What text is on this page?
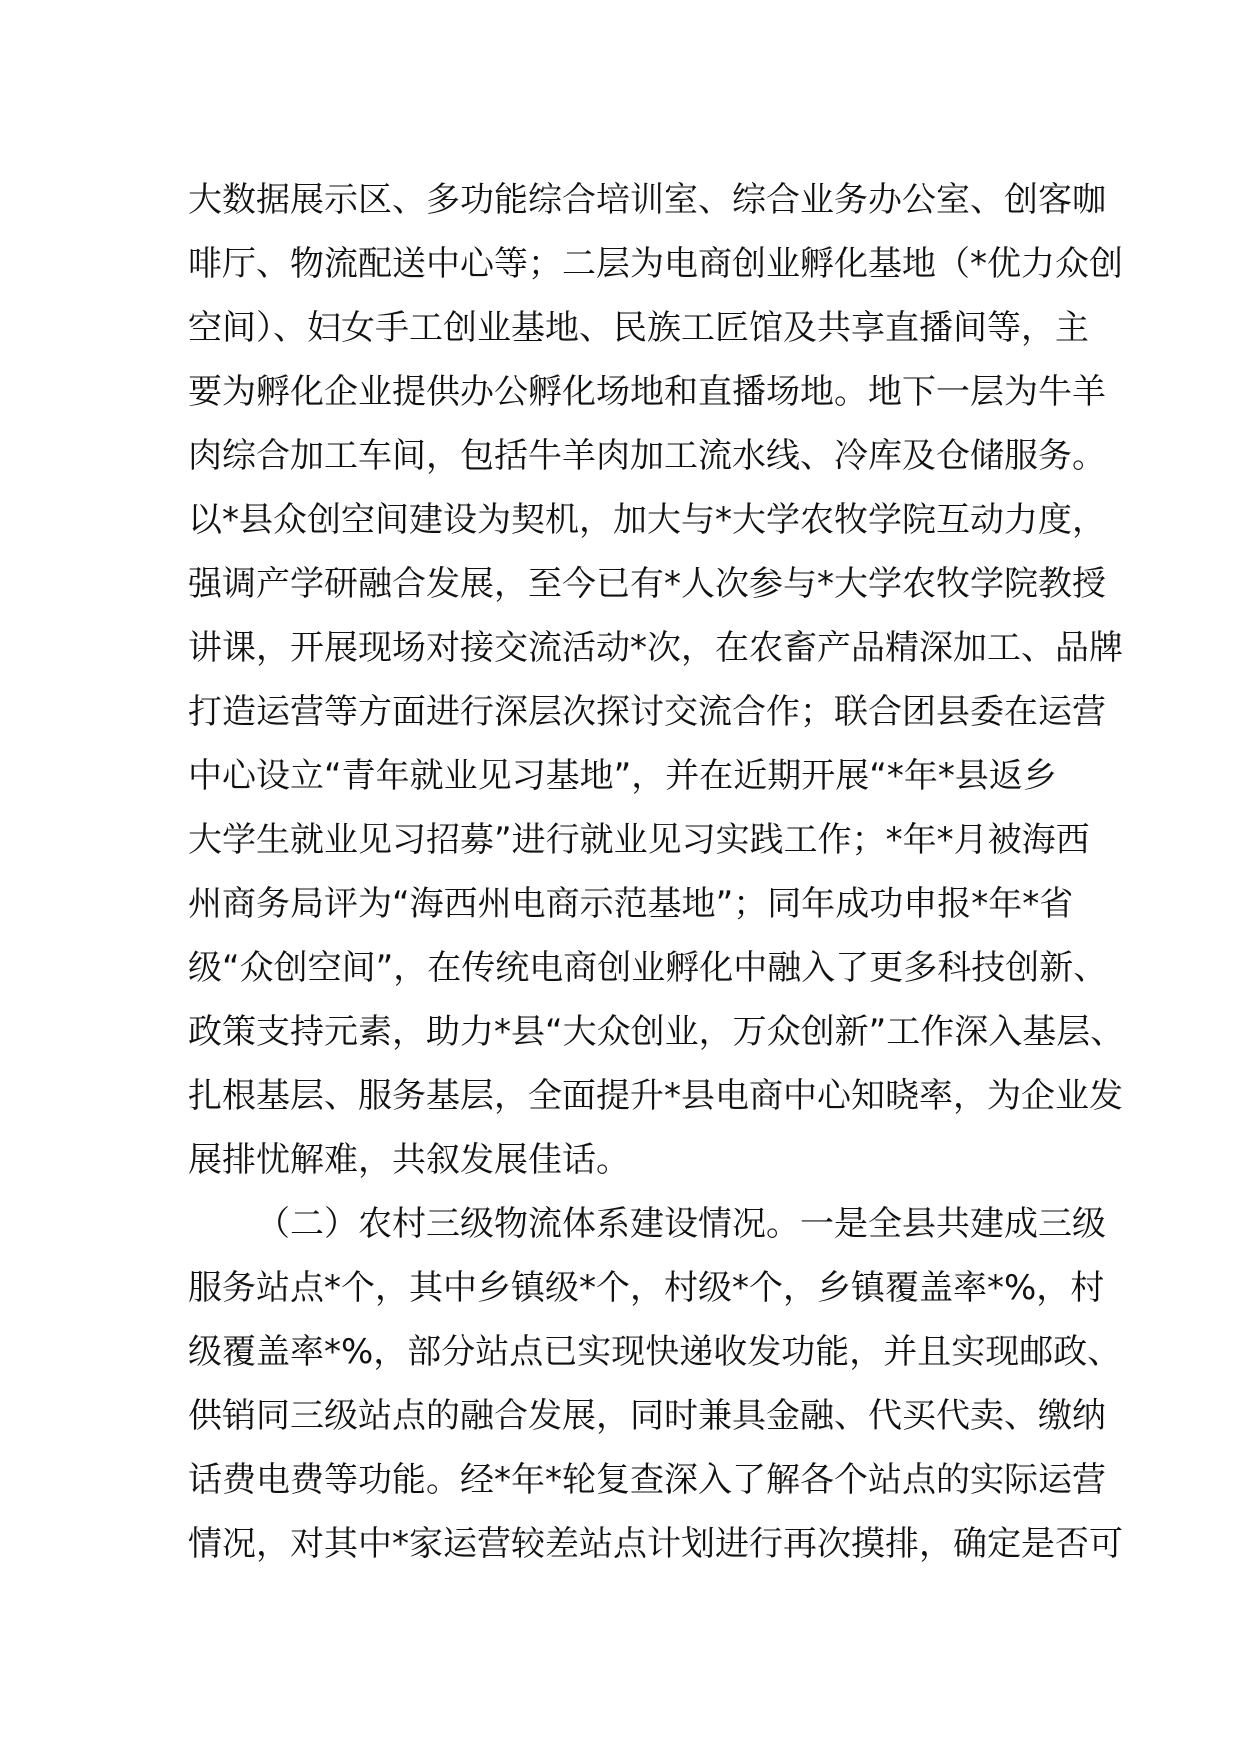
大数据展示区、多功能综合培训室、综合业务办公室、创客咖
啡厅、物流配送中心等；二层为电商创业孵化基地（*优力众创
空间）、妇女手工创业基地、民族工匠馆及共享直播间等，主
要为孵化企业提供办公孵化场地和直播场地。地下一层为牛羊
肉综合加工车间，包括牛羊肉加工流水线、冷库及仓储服务。
以*县众创空间建设为契机，加大与*大学农牧学院互动力度，
强调产学研融合发展，至今已有*人次参与*大学农牧学院教授
讲课，开展现场对接交流活动*次，在农畜产品精深加工、品牌
打造运营等方面进行深层次探讨交流合作；联合团县委在运营
中心设立“青年就业见习基地”，并在近期开展“*年*县返乡
大学生就业见习招募”进行就业见习实践工作；*年*月被海西
州商务局评为“海西州电商示范基地”；同年成功申报*年*省
级“众创空间”，在传统电商创业孵化中融入了更多科技创新、
政策支持元素，助力*县“大众创业，万众创新”工作深入基层、
扎根基层、服务基层，全面提升*县电商中心知晓率，为企业发
展排忧解难，共叙发展佳话。
（二）农村三级物流体系建设情况。一是全县共建成三级
服务站点*个，其中乡镇级*个，村级*个，乡镇覆盖率*%，村
级覆盖率*%，部分站点已实现快递收发功能，并且实现邮政、
供销同三级站点的融合发展，同时兼具金融、代买代卖、缴纳
话费电费等功能。经*年*轮复查深入了解各个站点的实际运营
情况，对其中*家运营较差站点计划进行再次摸排，确定是否可
